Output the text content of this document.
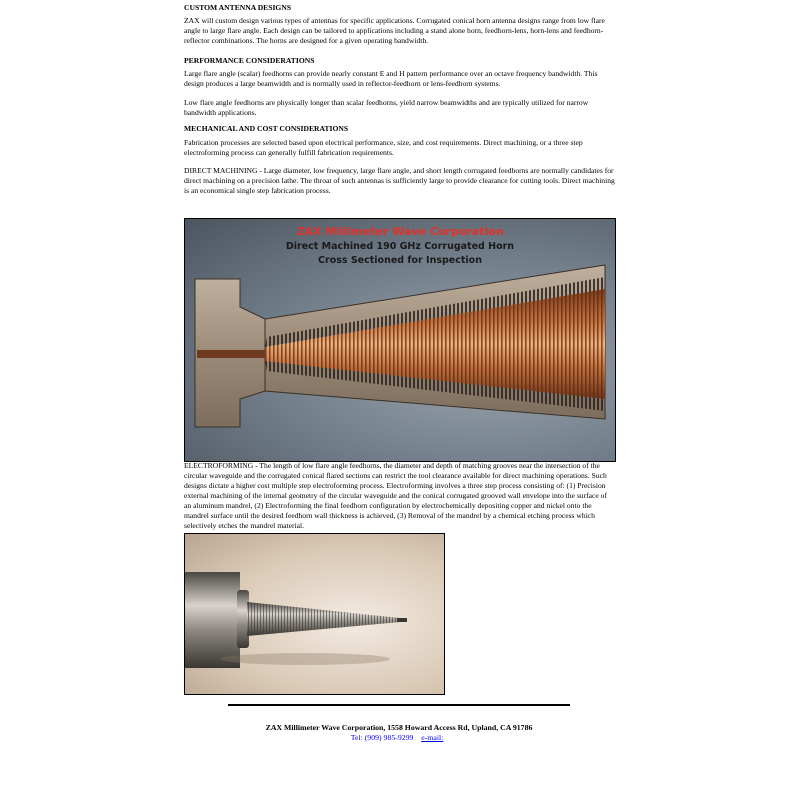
CUSTOM ANTENNA DESIGNS

ZAX will custom design various types of antennas for specific applications. Corrugated conical horn antenna designs range from low flare angle to large flare angle. Each design can be tailored to applications including a stand alone horn, feedhorn-lens, horn-lens and feedhorn-reflector combinations. The horns are designed for a given operating bandwidth.

PERFORMANCE CONSIDERATIONS

Large flare angle (scalar) feedhorns can provide nearly constant E and H pattern performance over an octave frequency bandwidth. This design produces a large beamwidth and is normally used in reflector-feedhorn or lens-feedhorn systems.

Low flare angle feedhorns are physically longer than scalar feedhorns, yield narrow beamwidths and are typically utilized for narrow bandwidth applications.

MECHANICAL AND COST CONSIDERATIONS

Fabrication processes are selected based upon electrical performance, size, and cost requirements. Direct machining, or a three step electroforming process can generally fulfill fabrication requirements.

DIRECT MACHINING - Large diameter, low frequency, large flare angle, and short length corrugated feedhorns are normally candidates for direct machining on a precision lathe. The throat of such antennas is sufficiently large to provide clearance for cutting tools. Direct machining is an economical single step fabrication process.

ZAX Millimeter Wave Corporation
Direct Machined 190 GHz Corrugated Horn
Cross Sectioned for Inspection

ELECTROFORMING - The length of low flare angle feedhorns, the diameter and depth of matching grooves near the intersection of the circular waveguide and the corrugated conical flared sections can restrict the tool clearance available for direct machining operations. Such designs dictate a higher cost multiple step electroforming process. Electroforming involves a three step process consisting of: (1) Precision external machining of the internal geometry of the circular waveguide and the conical corrugated grooved wall envelope into the surface of an aluminum mandrel, (2) Electroforming the final feedhorn configuration by electrochemically depositing copper and nickel onto the mandrel surface until the desired feedhorn wall thickness is achieved, (3) Removal of the mandrel by a chemical etching process which selectively etches the mandrel material.

ZAX Millimeter Wave Corporation, 1558 Howard Access Rd, Upland, CA 91786
Tel: (909) 985-9299 e-mail:
